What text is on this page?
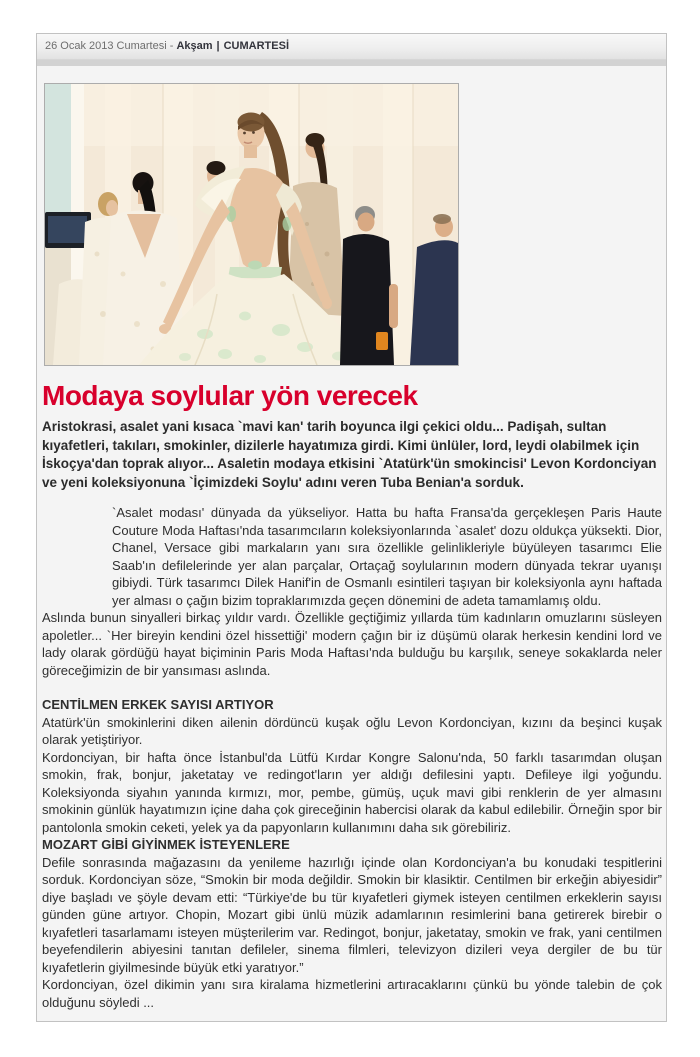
26 Ocak 2013 Cumartesi - Akşam | CUMARTESİ
Modaya soylular yön verecek

Aristokrasi, asalet yani kısaca `mavi kan' tarih boyunca ilgi çekici oldu... Padişah, sultan kıyafetleri, takıları, smokinler, dizilerle hayatımıza girdi. Kimi ünlüler, lord, leydi olabilmek için İskoçya'dan toprak alıyor... Asaletin modaya etkisini `Atatürk'ün smokincisi' Levon Kordonciyan ve yeni koleksiyonuna `İçimizdeki Soylu' adını veren Tuba Benian'a sorduk.

`Asalet modası' dünyada da yükseliyor. Hatta bu hafta Fransa'da gerçekleşen Paris Haute Couture Moda Haftası'nda tasarımcıların koleksiyonlarında `asalet' dozu oldukça yüksekti. Dior, Chanel, Versace gibi markaların yanı sıra özellikle gelinlikleriyle büyüleyen tasarımcı Elie Saab'ın defilelerinde yer alan parçalar, Ortaçağ soylularının modern dünyada tekrar uyanışı gibiydi. Türk tasarımcı Dilek Hanif'in de Osmanlı esintileri taşıyan bir koleksiyonla aynı haftada yer alması o çağın bizim topraklarımızda geçen dönemini de adeta tamamlamış oldu.

Aslında bunun sinyalleri birkaç yıldır vardı. Özellikle geçtiğimiz yıllarda tüm kadınların omuzlarını süsleyen apoletler... `Her bireyin kendini özel hissettiği' modern çağın bir iz düşümü olarak herkesin kendini lord ve lady olarak gördüğü hayat biçiminin Paris Moda Haftası'nda bulduğu bu karşılık, seneye sokaklarda neler göreceğimizin de bir yansıması aslında.

CENTİLMEN ERKEK SAYISI ARTIYOR

Atatürk'ün smokinlerini diken ailenin dördüncü kuşak oğlu Levon Kordonciyan, kızını da beşinci kuşak olarak yetiştiriyor.

Kordonciyan, bir hafta önce İstanbul'da Lütfü Kırdar Kongre Salonu'nda, 50 farklı tasarımdan oluşan smokin, frak, bonjur, jaketatay ve redingot'ların yer aldığı defilesini yaptı. Defileye ilgi yoğundu. Koleksiyonda siyahın yanında kırmızı, mor, pembe, gümüş, uçuk mavi gibi renklerin de yer almasını smokinin günlük hayatımızın içine daha çok gireceğinin habercisi olarak da kabul edilebilir. Örneğin spor bir pantolonla smokin ceketi, yelek ya da papyonların kullanımını daha sık görebiliriz.

MOZART GİBİ GİYİNMEK İSTEYENLERE

Defile sonrasında mağazasını da yenileme hazırlığı içinde olan Kordonciyan'a bu konudaki tespitlerini sorduk. Kordonciyan söze, “Smokin bir moda değildir. Smokin bir klasiktir. Centilmen bir erkeğin abiyesidir” diye başladı ve şöyle devam etti: “Türkiye'de bu tür kıyafetleri giymek isteyen centilmen erkeklerin sayısı günden güne artıyor. Chopin, Mozart gibi ünlü müzik adamlarının resimlerini bana getirerek birebir o kıyafetleri tasarlamamı isteyen müşterilerim var. Redingot, bonjur, jaketatay, smokin ve frak, yani centilmen beyefendilerin abiyesini tanıtan defileler, sinema filmleri, televizyon dizileri veya dergiler de bu tür kıyafetlerin giyilmesinde büyük etki yaratıyor.”

Kordonciyan, özel dikimin yanı sıra kiralama hizmetlerini artıracaklarını çünkü bu yönde talebin de çok olduğunu söyledi ...
